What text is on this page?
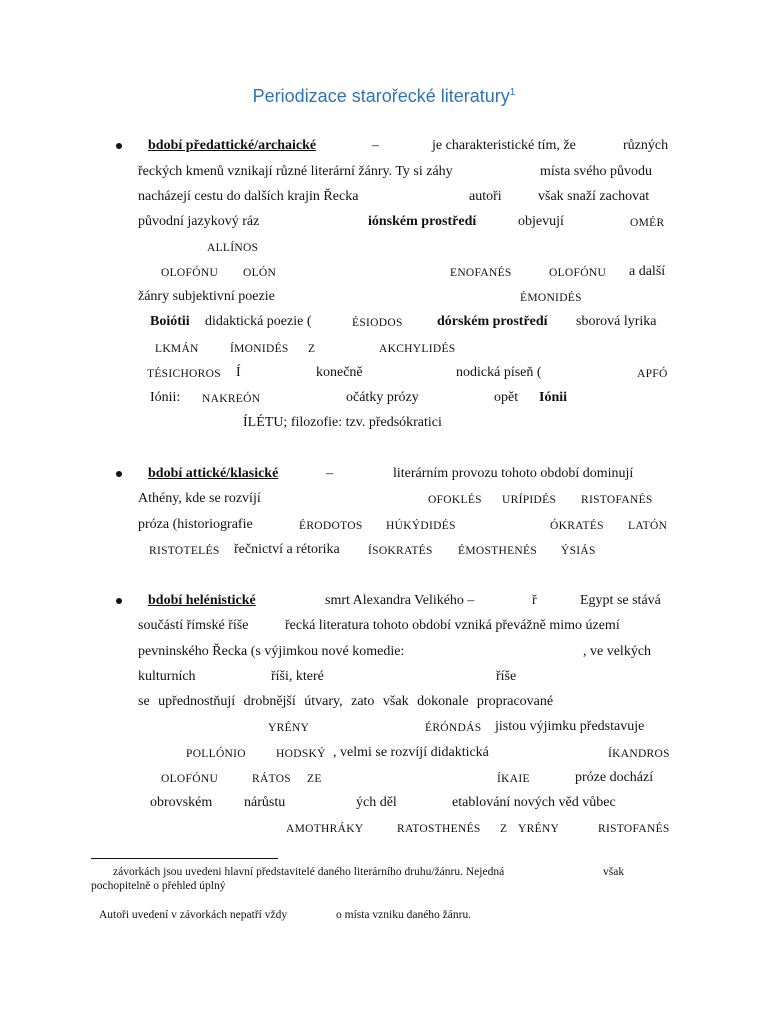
Periodizace starořecké literatury$^1$
bdobí předattické/archaické	–	je charakteristické tím, že	různých
řeckých kmenů vznikají různé literární žánry. Ty si záhy	místa svého původu
nacházejí cestu do dalších krajin Řecka	autoři	však snaží zachovat
původní jazykový ráz	iónském prostředí	objevují	OMÉR
ALLÍNOS
OLOFÓNU OLÓN	ENOFANÉS	OLOFÓNU a další
žánry subjektivní poezie	ÉMONIDÉS
Boiótii didaktická poezie (	ÉSIODOS dórském prostředí sborová lyrika
LKMÁN	ÍMONIDÉS Z	AKCHYLIDÉS
TÉSICHOROS Í	konečně	nodická píseň (	APFÓ
Iónii: NAKREÓN	očátky prózy	opět Iónii
ÍLÉTU; filozofie: tzv. předsókratici
bdobí attické/klasické	–	literárním provozu tohoto období dominují
Athény, kde se rozvíjí	OFOKLÉS URÍPIDÉS RISTOFANÉS
próza (historiografie	ÉRODOTOS HÚKÝDIDÉS	ÓKRATÉS LATÓN
RISTOTELÉS řečnictví a rétorika ÍSOKRATÉS ÉMOSTHENÉS ÝSIÁS
bdobí helénistické	smrt Alexandra Velikého –	ř	Egypt se stává
součástí římské říše	řecká literatura tohoto období vzniká převážně mimo území
pevninského Řecka (s výjimkou nové komedie:	, ve velkých
kulturních	říši, které	říše
se upřednostňují drobnější útvary, zato však dokonale propracované
YRÉNY	ÉRÓNDÁS jistou výjimku představuje
POLLÓNIO	HODSKÝ , velmi se rozvíjí didaktická	ÍKANDROS
OLOFÓNU	RÁTOS ZE	ÍKAIE	próze dochází
obrovském nárůstu	ých děl	etablování nových věd vůbec
AMOTHRÁKY	RATOSTHENÉS Z YRÉNY	RISTOFANÉS
závorkách jsou uvedeni hlavní představitelé daného literárního druhu/žánru. Nejedná	však
pochopitelně o přehled úplný
Autoři uvedení v závorkách nepatří vždy	o místa vzniku daného žánru.
